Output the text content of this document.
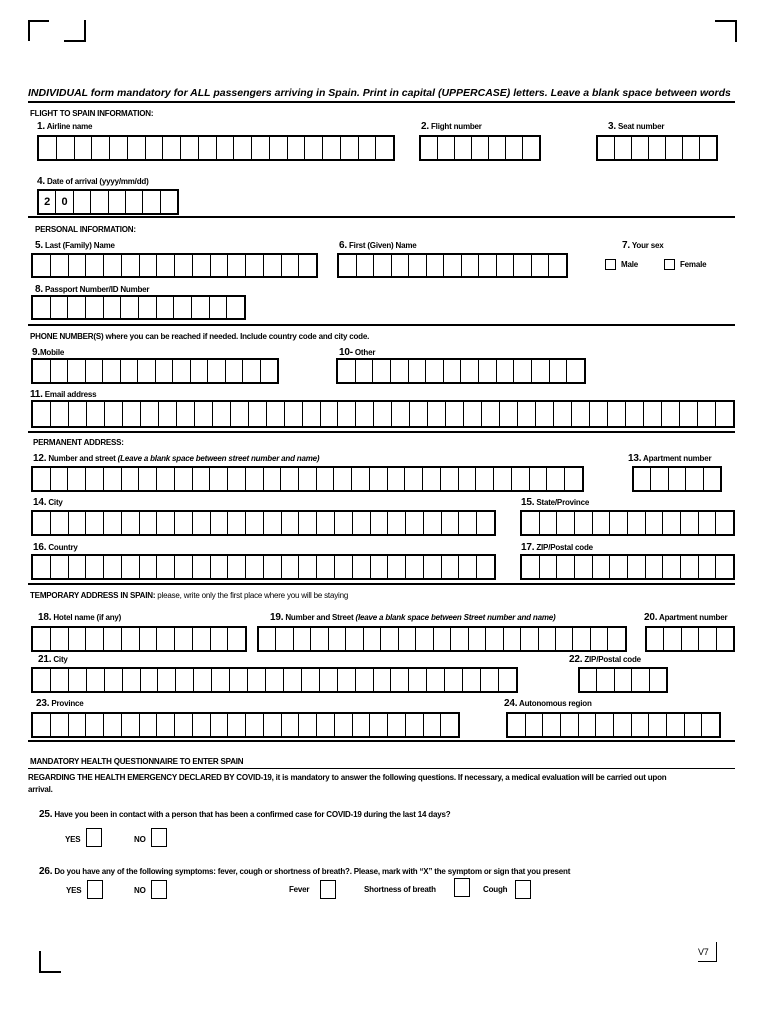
V7
INDIVIDUAL form mandatory for ALL passengers arriving in Spain. Print in capital (UPPERCASE) letters. Leave a blank space between words
FLIGHT TO SPAIN INFORMATION:
1. Airline name	2. Flight number	3. Seat number
4. Date of arrival (yyyy/mm/dd)
2	0
PERSONAL INFORMATION:
5. Last (Family) Name	6. First (Given) Name	7. Your sex
Male	Female
8. Passport Number/ID Number
PHONE NUMBER(S) where you can be reached if needed. Include country code and city code.
9.Mobile	10- Other
11. Email address
PERMANENT ADDRESS:
12. Number and street (Leave a blank space between street number and name)	13. Apartment number
14. City	15. State/Province
16. Country	17. ZIP/Postal code
TEMPORARY ADDRESS IN SPAIN: please, write only the first place where you will be staying
18. Hotel name (if any)	19. Number and Street (leave a blank space between Street number and name)	20. Apartment number
21. City	22. ZIP/Postal code
23. Province	24. Autonomous region
MANDATORY HEALTH QUESTIONNAIRE TO ENTER SPAIN
REGARDING THE HEALTH EMERGENCY DECLARED BY COVID-19, it is mandatory to answer the following questions. If necessary, a medical evaluation will be carried out upon
arrival.
25. Have you been in contact with a person that has been a confirmed case for COVID-19 during the last 14 days?
YES	NO
26. Do you have any of the following symptoms: fever, cough or shortness of breath?. Please, mark with “X” the symptom or sign that you present
YES	NO	Fever	Shortness of breath	Cough
